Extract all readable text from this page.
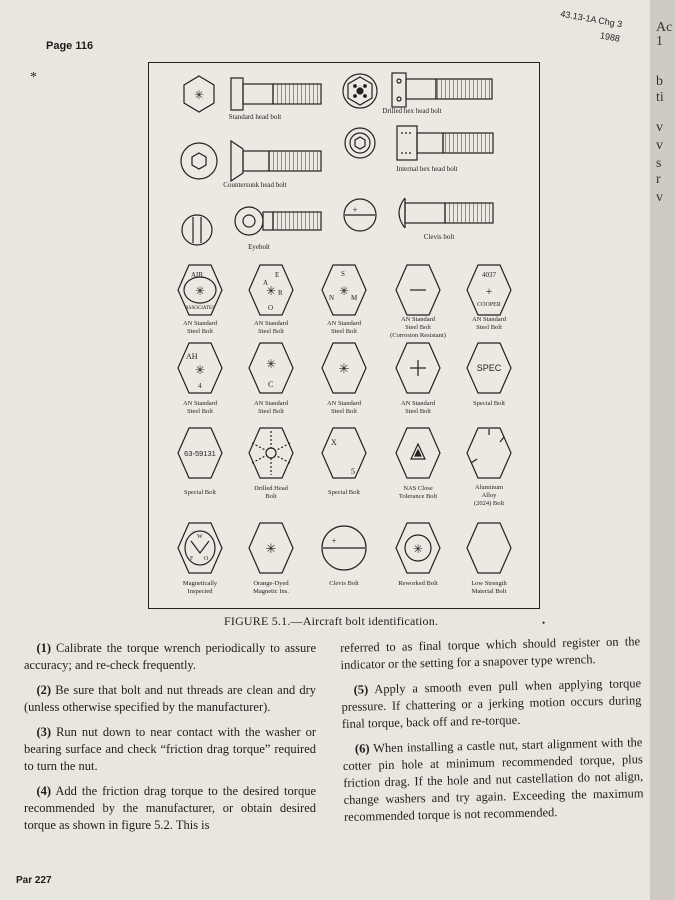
Ac
1
b
ti
v
v
s
r
v
Page 116
*
43.13-1A Chg 3
1988
✳
Standard head bolt
Drilled hex head bolt
Countersunk head bolt
Internal hex head bolt
Eyebolt
+
Clevis bolt
AIR
✳
ASSOCIATES
✳
A
E
R
O
✳
S
N M
4037
+
COOPER
AN Standard Steel Bolt
AN Standard Steel Bolt
AN Standard Steel Bolt
AN Standard Steel Bolt (Corrosion Resistant)
AN Standard Steel Bolt
AH
✳
4
✳
C
✳	SPEC
AN Standard Steel Bolt
AN Standard Steel Bolt
AN Standard Steel Bolt
AN Standard Steel Bolt
Special Bolt
63-59131
X
5
Special Bolt
Drilled Head Bolt
Special Bolt
NAS Close Tolerance Bolt
Aluminum Alloy (2024) Bolt
W
F O
✳	+
✳
Magnetically Inspected
Orange-Dyed Magnetic Ins.
Clevis Bolt	Reworked Bolt	Low Strength Material Bolt
FIGURE 5.1.—Aircraft bolt identification.	•

 (1) Calibrate the torque wrench periodically to assure accuracy; and re-check frequently.

 (2) Be sure that bolt and nut threads are clean and dry (unless otherwise specified by the manufacturer).

 (3) Run nut down to near contact with the washer or bearing surface and check “friction drag torque” required to turn the nut.

 (4) Add the friction drag torque to the desired torque recommended by the manufacturer, or obtain desired torque as shown in figure 5.2. This is

referred to as final torque which should register on the indicator or the setting for a snapover type wrench.

 (5) Apply a smooth even pull when applying torque pressure. If chattering or a jerking motion occurs during final torque, back off and re-torque.

 (6) When installing a castle nut, start alignment with the cotter pin hole at minimum recommended torque, plus friction drag. If the hole and nut castellation do not align, change washers and try again. Exceeding the maximum recommended torque is not recommended.

Par 227
